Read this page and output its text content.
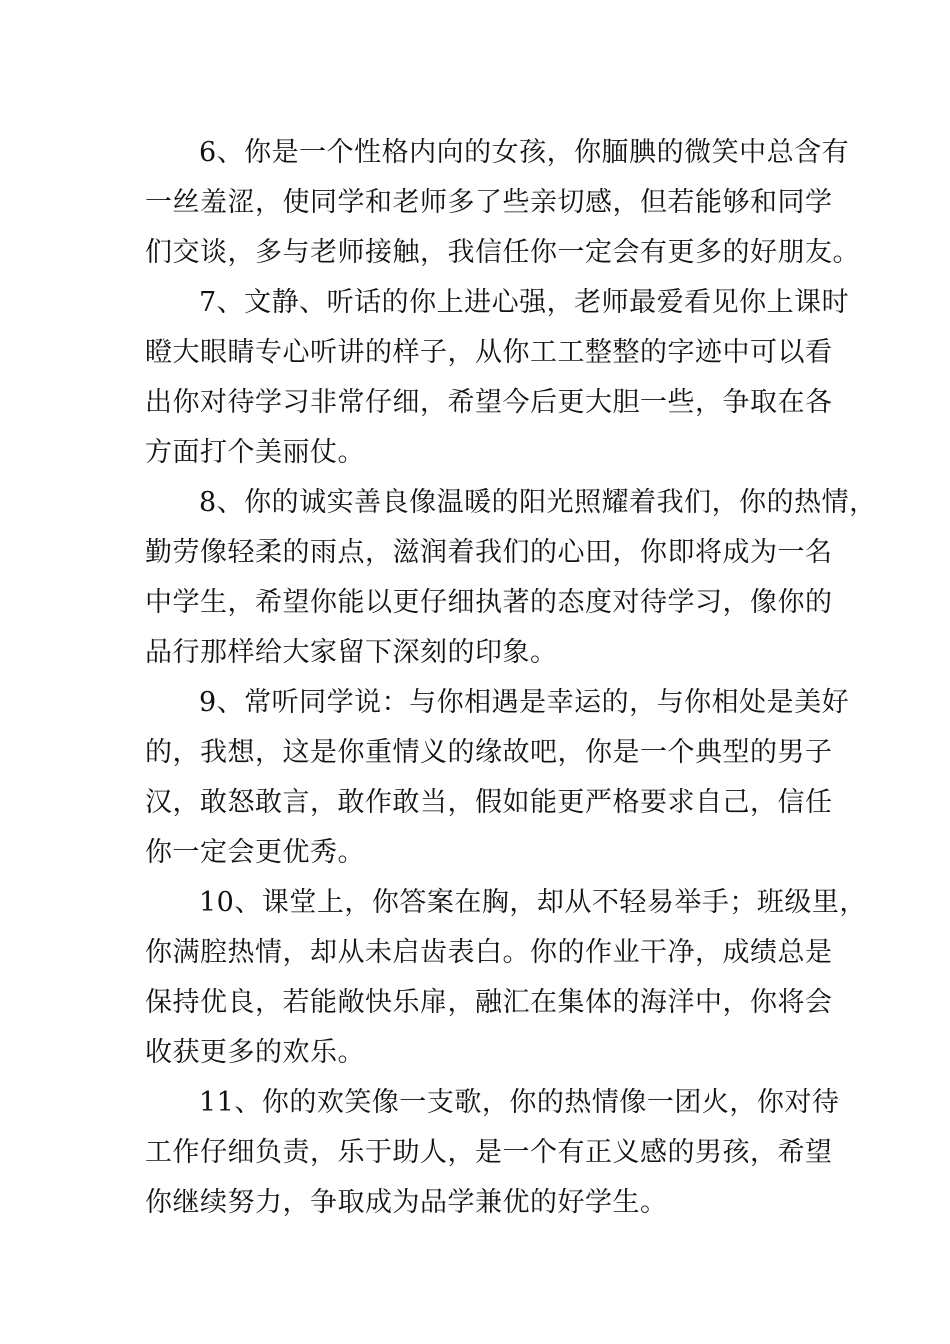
6、你是一个性格内向的女孩，你腼腆的微笑中总含有
一丝羞涩，使同学和老师多了些亲切感，但若能够和同学
们交谈，多与老师接触，我信任你一定会有更多的好朋友。
7、文静、听话的你上进心强，老师最爱看见你上课时
瞪大眼睛专心听讲的样子，从你工工整整的字迹中可以看
出你对待学习非常仔细，希望今后更大胆一些，争取在各
方面打个美丽仗。
8、你的诚实善良像温暖的阳光照耀着我们，你的热情，
勤劳像轻柔的雨点，滋润着我们的心田，你即将成为一名
中学生，希望你能以更仔细执著的态度对待学习，像你的
品行那样给大家留下深刻的印象。
9、常听同学说：与你相遇是幸运的，与你相处是美好
的，我想，这是你重情义的缘故吧，你是一个典型的男子
汉，敢怒敢言，敢作敢当，假如能更严格要求自己，信任
你一定会更优秀。
10、课堂上，你答案在胸，却从不轻易举手；班级里，
你满腔热情，却从未启齿表白。你的作业干净，成绩总是
保持优良，若能敞快乐扉，融汇在集体的海洋中，你将会
收获更多的欢乐。
11、你的欢笑像一支歌，你的热情像一团火，你对待
工作仔细负责，乐于助人，是一个有正义感的男孩，希望
你继续努力，争取成为品学兼优的好学生。
